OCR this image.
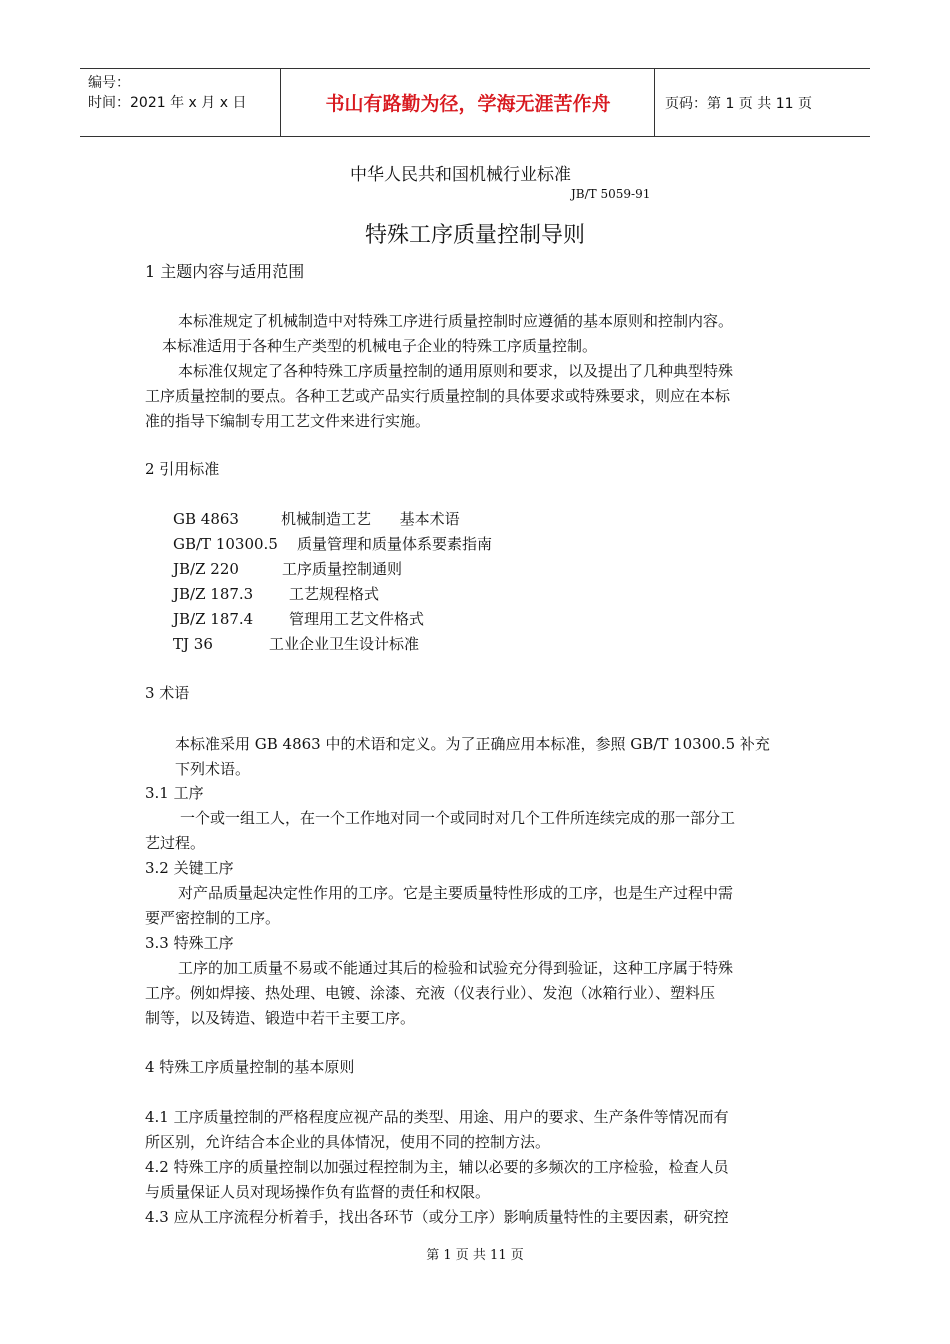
编号：
时间：2021 年 x 月 x 日	书山有路勤为径，学海无涯苦作舟	页码：第 1 页 共 11 页
中华人民共和国机械行业标准
JB/T 5059-91
特殊工序质量控制导则
1 主题内容与适用范围
本标准规定了机械制造中对特殊工序进行质量控制时应遵循的基本原则和控制内容。
本标准适用于各种生产类型的机械电子企业的特殊工序质量控制。
本标准仅规定了各种特殊工序质量控制的通用原则和要求，以及提出了几种典型特殊
工序质量控制的要点。各种工艺或产品实行质量控制的具体要求或特殊要求，则应在本标
准的指导下编制专用工艺文件来进行实施。
2 引用标准
GB 4863	机械制造工艺      基本术语
GB/T 10300.5 质量管理和质量体系要素指南
JB/Z 220	工序质量控制通则
JB/Z 187.3 工艺规程格式
JB/Z 187.4 管理用工艺文件格式
TJ 36	工业企业卫生设计标准
3 术语
本标准采用 GB 4863 中的术语和定义。为了正确应用本标准，参照 GB/T 10300.5 补充
下列术语。
3.1 工序
一个或一组工人，在一个工作地对同一个或同时对几个工件所连续完成的那一部分工
艺过程。
3.2 关键工序
对产品质量起决定性作用的工序。它是主要质量特性形成的工序，也是生产过程中需
要严密控制的工序。
3.3 特殊工序
工序的加工质量不易或不能通过其后的检验和试验充分得到验证，这种工序属于特殊
工序。例如焊接、热处理、电镀、涂漆、充液（仪表行业）、发泡（冰箱行业）、塑料压
制等，以及铸造、锻造中若干主要工序。
4 特殊工序质量控制的基本原则
4.1 工序质量控制的严格程度应视产品的类型、用途、用户的要求、生产条件等情况而有
所区别，允许结合本企业的具体情况，使用不同的控制方法。
4.2 特殊工序的质量控制以加强过程控制为主，辅以必要的多频次的工序检验，检查人员
与质量保证人员对现场操作负有监督的责任和权限。
4.3 应从工序流程分析着手，找出各环节（或分工序）影响质量特性的主要因素，研究控
第 1 页 共 11 页
